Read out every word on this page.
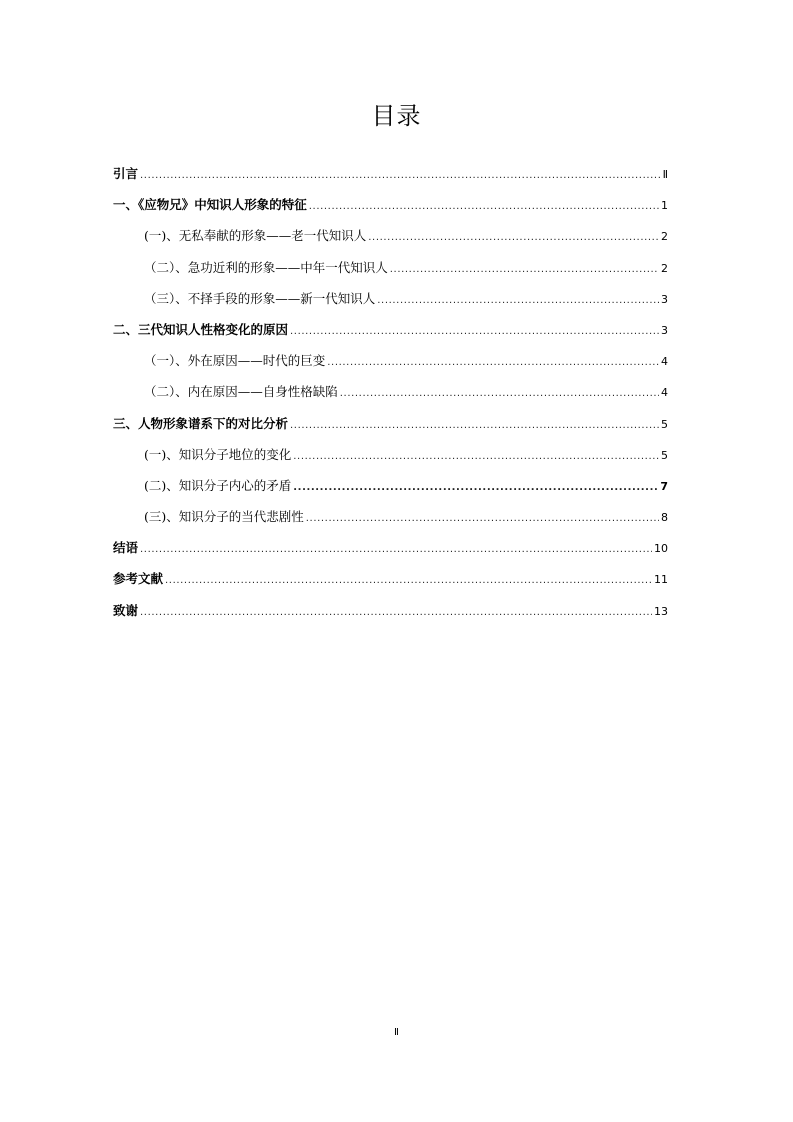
目录
引言 .....	Ⅱ
一、《应物兄》中知识人形象的特征 .....	1
(一)、无私奉献的形象——老一代知识人 .....	2
（二）、急功近利的形象——中年一代知识人 .....	2
（三）、不择手段的形象——新一代知识人 .....	3
二、三代知识人性格变化的原因 .....	3
（一）、外在原因——时代的巨变 .....	4
（二）、内在原因——自身性格缺陷 .....	4
三、人物形象谱系下的对比分析 .....	5
(一)、知识分子地位的变化 .....	5
(二)、知识分子内心的矛盾 .....	7
(三)、知识分子的当代悲剧性 .....	8
结语 .....	10
参考文献 .....	11
致谢 .....	13
Ⅱ
